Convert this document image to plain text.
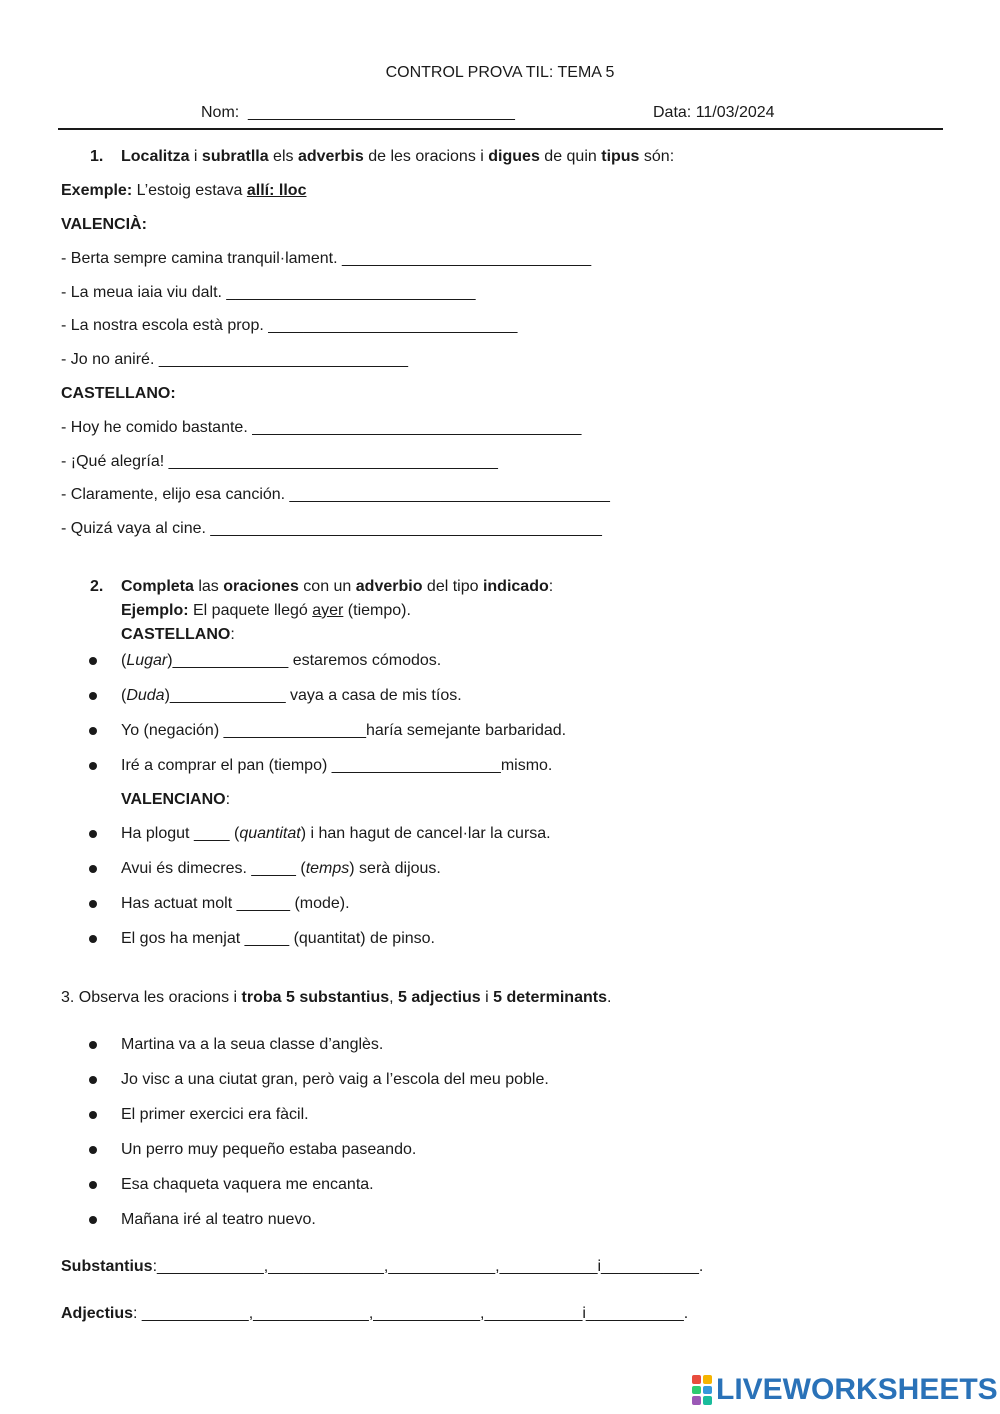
CONTROL PROVA TIL: TEMA 5
Nom: ______________________________	Data: 11/03/2024
1. Localitza i subratlla els adverbis de les oracions i digues de quin tipus són:
Exemple: L’estoig estava allí: lloc
VALENCIÀ:
- Berta sempre camina tranquil·lament. ____________________________
- La meua iaia viu dalt. ____________________________
- La nostra escola està prop. ____________________________
- Jo no aniré. ____________________________
CASTELLANO:
- Hoy he comido bastante. _____________________________________
- ¡Qué alegría! _____________________________________
- Claramente, elijo esa canción. ____________________________________
- Quizá vaya al cine. ____________________________________________
2. Completa las oraciones con un adverbio del tipo indicado:
Ejemplo: El paquete llegó ayer (tiempo).
CASTELLANO:
(Lugar)_____________ estaremos cómodos.
(Duda)_____________ vaya a casa de mis tíos.
Yo (negación) ________________haría semejante barbaridad.
Iré a comprar el pan (tiempo) ___________________mismo.
VALENCIANO:
Ha plogut ____ (quantitat) i han hagut de cancel·lar la cursa.
Avui és dimecres. _____ (temps) serà dijous.
Has actuat molt ______ (mode).
El gos ha menjat _____ (quantitat) de pinso.
3. Observa les oracions i troba 5 substantius, 5 adjectius i 5 determinants.
Martina va a la seua classe d’anglès.
Jo visc a una ciutat gran, però vaig a l’escola del meu poble.
El primer exercici era fàcil.
Un perro muy pequeño estaba paseando.
Esa chaqueta vaquera me encanta.
Mañana iré al teatro nuevo.
Substantius:____________,_____________,____________,___________i___________.
Adjectius: ____________,_____________,____________,___________i___________.
LIVEWORKSHEETS
